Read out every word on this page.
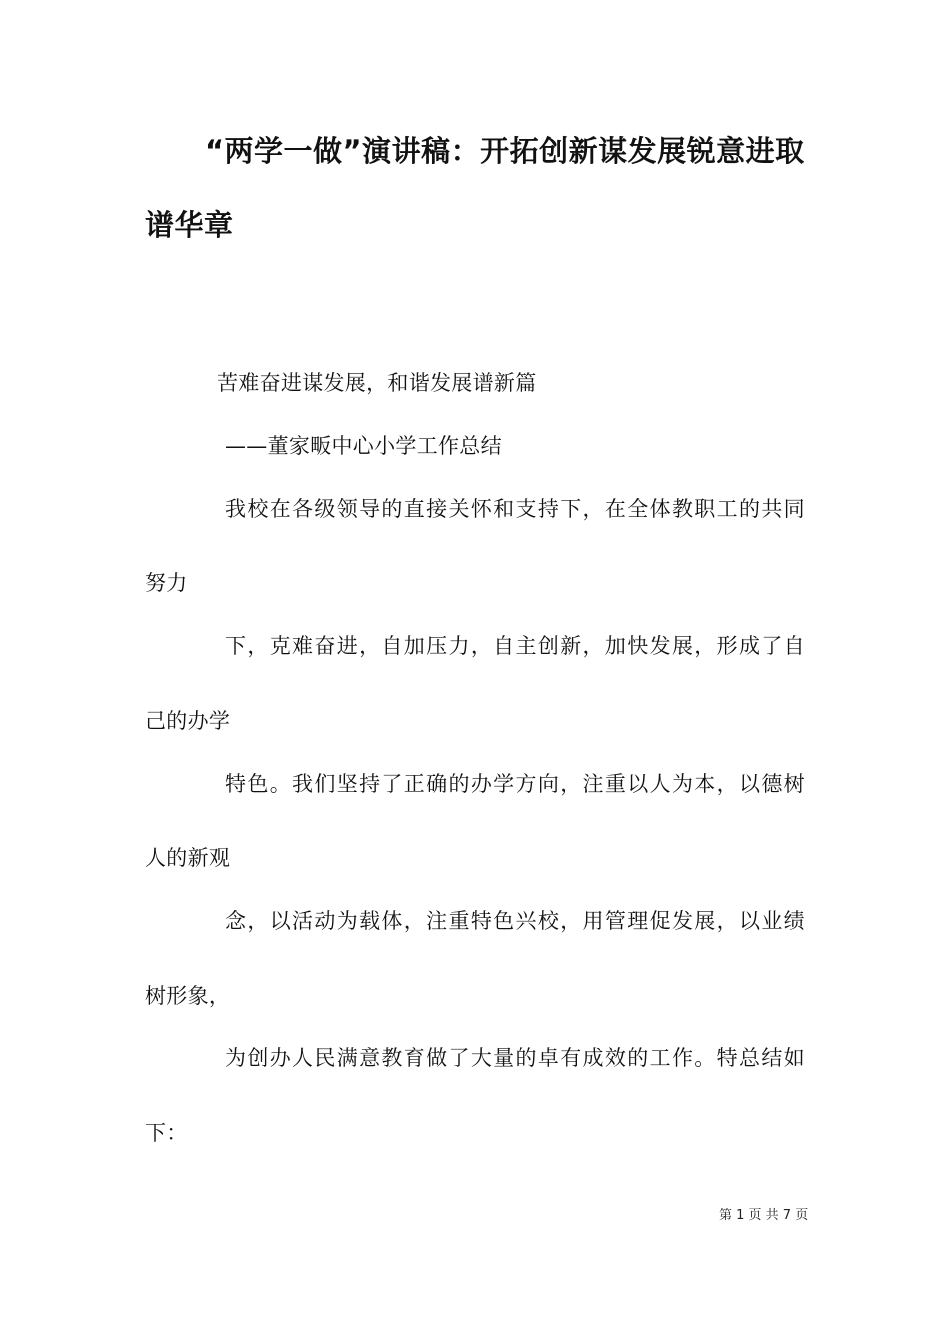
“两学一做”演讲稿：开拓创新谋发展锐意进取
谱华章
苦难奋进谋发展，和谐发展谱新篇
——董家畈中心小学工作总结
我校在各级领导的直接关怀和支持下，在全体教职工的共同
努力
下，克难奋进，自加压力，自主创新，加快发展，形成了自
己的办学
特色。我们坚持了正确的办学方向，注重以人为本，以德树
人的新观
念，以活动为载体，注重特色兴校，用管理促发展，以业绩
树形象，
为创办人民满意教育做了大量的卓有成效的工作。特总结如
下：
第 1 页 共 7 页
